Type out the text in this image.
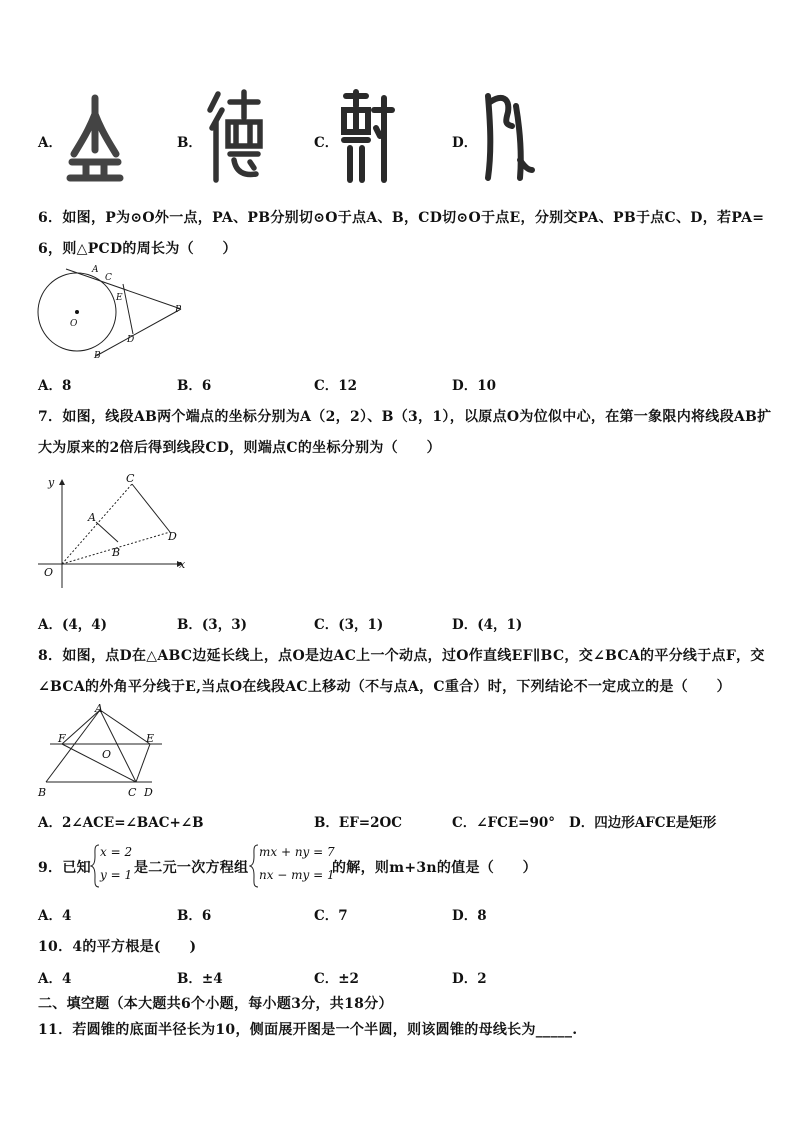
A．	B．	C．	D．
6．如图，P为⊙O外一点，PA、PB分别切⊙O于点A、B，CD切⊙O于点E，分别交PA、PB于点C、D，若PA=
6，则△PCD的周长为（　　）
A
C
E
O
D
B
P
A．8	B．6	C．12	D．10
7．如图，线段AB两个端点的坐标分别为A（2，2）、B（3，1），以原点O为位似中心，在第一象限内将线段AB扩
大为原来的2倍后得到线段CD，则端点C的坐标分别为（　　）
y
x
O
A
B
C
D
A．(4，4)	B．(3，3)	C．(3，1)	D．(4，1)
8．如图，点D在△ABC边延长线上，点O是边AC上一个动点，过O作直线EF∥BC，交∠BCA的平分线于点F，交
∠BCA的外角平分线于E,当点O在线段AC上移动（不与点A，C重合）时，下列结论不一定成立的是（　　）
A
F	E
O
B	C D
A．2∠ACE=∠BAC+∠B	B．EF=2OC	C．∠FCE=90° D．四边形AFCE是矩形
9．已知
x = 2
y = 1 是二元一次方程组
mx + ny = 7
nx − my = 1
的解，则m+3n的值是（　　）
A．4	B．6	C．7	D．8
10．4的平方根是(　　)
A．4	B．±4	C．±2	D．2
二、填空题（本大题共6个小题，每小题3分，共18分）
11．若圆锥的底面半径长为10，侧面展开图是一个半圆，则该圆锥的母线长为_____.
